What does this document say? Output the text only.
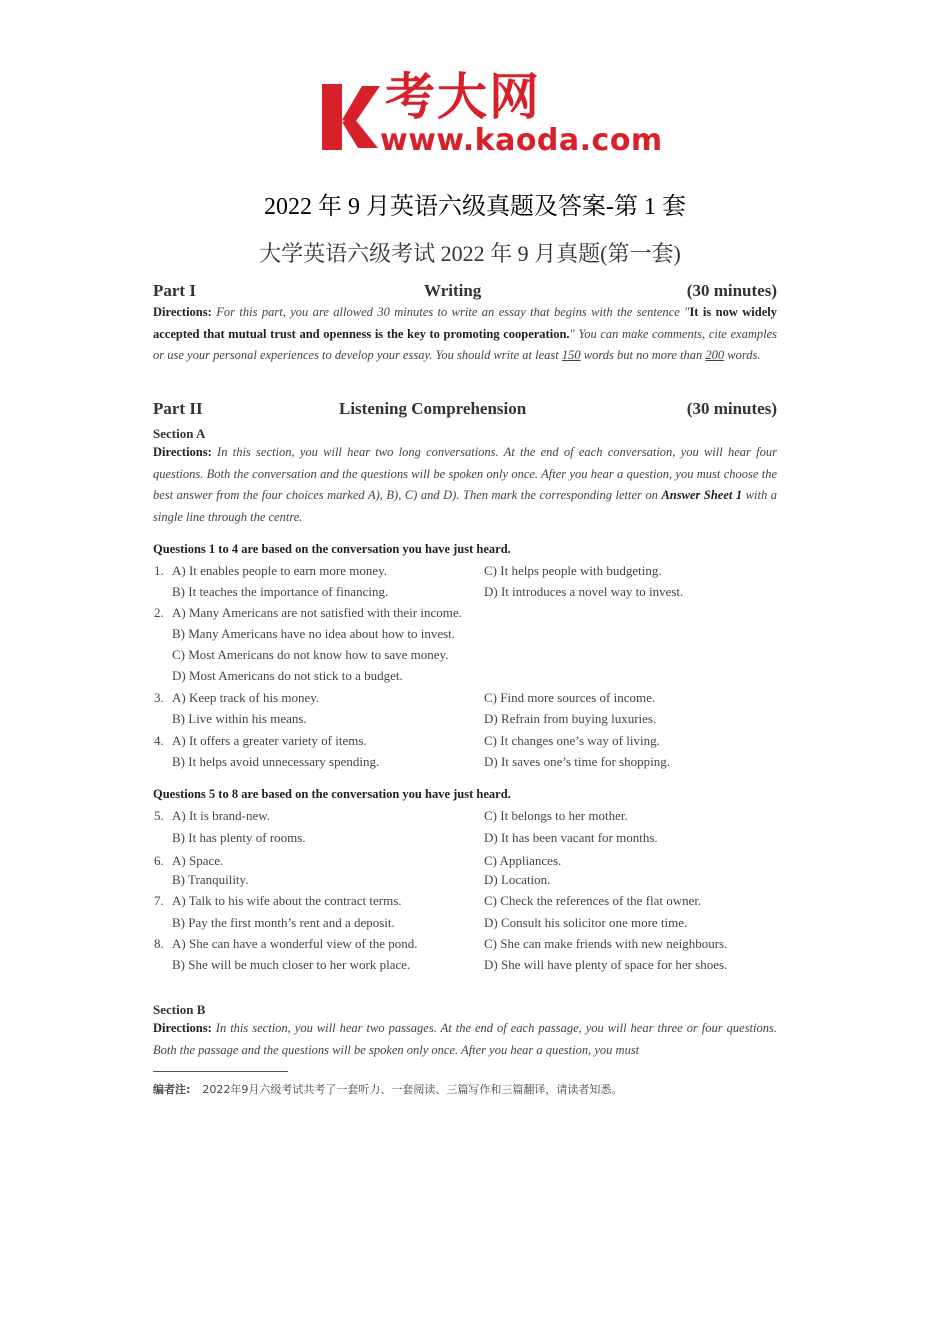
考大网
www.kaoda.com
2022 年 9 月英语六级真题及答案-第 1 套
大学英语六级考试 2022 年 9 月真题(第一套)
Part I	Writing	(30 minutes)
Directions: For this part, you are allowed 30 minutes to write an essay that begins with the sentence "It is now widely accepted that mutual trust and openness is the key to promoting cooperation." You can make comments, cite examples or use your personal experiences to develop your essay. You should write at least 150 words but no more than 200 words.
Part II	Listening Comprehension	(30 minutes)
Section A
Directions: In this section, you will hear two long conversations. At the end of each conversation, you will hear four questions. Both the conversation and the questions will be spoken only once. After you hear a question, you must choose the best answer from the four choices marked A), B), C) and D). Then mark the corresponding letter on Answer Sheet 1 with a single line through the centre.
Questions 1 to 4 are based on the conversation you have just heard.
1. A) It enables people to earn more money.	C) It helps people with budgeting.
B) It teaches the importance of financing.	D) It introduces a novel way to invest.
2. A) Many Americans are not satisfied with their income.
B) Many Americans have no idea about how to invest.
C) Most Americans do not know how to save money.
D) Most Americans do not stick to a budget.
3. A) Keep track of his money.	C) Find more sources of income.
B) Live within his means.	D) Refrain from buying luxuries.
4. A) It offers a greater variety of items.	C) It changes one’s way of living.
B) It helps avoid unnecessary spending.	D) It saves one’s time for shopping.
Questions 5 to 8 are based on the conversation you have just heard.
5. A) It is brand-new.	C) It belongs to her mother.
B) It has plenty of rooms.	D) It has been vacant for months.
6. A) Space.	C) Appliances.
B) Tranquility.	D) Location.
7. A) Talk to his wife about the contract terms.	C) Check the references of the flat owner.
B) Pay the first month’s rent and a deposit.	D) Consult his solicitor one more time.
8. A) She can have a wonderful view of the pond.	C) She can make friends with new neighbours.
B) She will be much closer to her work place.	D) She will have plenty of space for her shoes.
Section B
Directions: In this section, you will hear two passages. At the end of each passage, you will hear three or four questions. Both the passage and the questions will be spoken only once. After you hear a question, you must
编者注: 2022年9月六级考试共考了一套听力、一套阅读、三篇写作和三篇翻译，请读者知悉。
